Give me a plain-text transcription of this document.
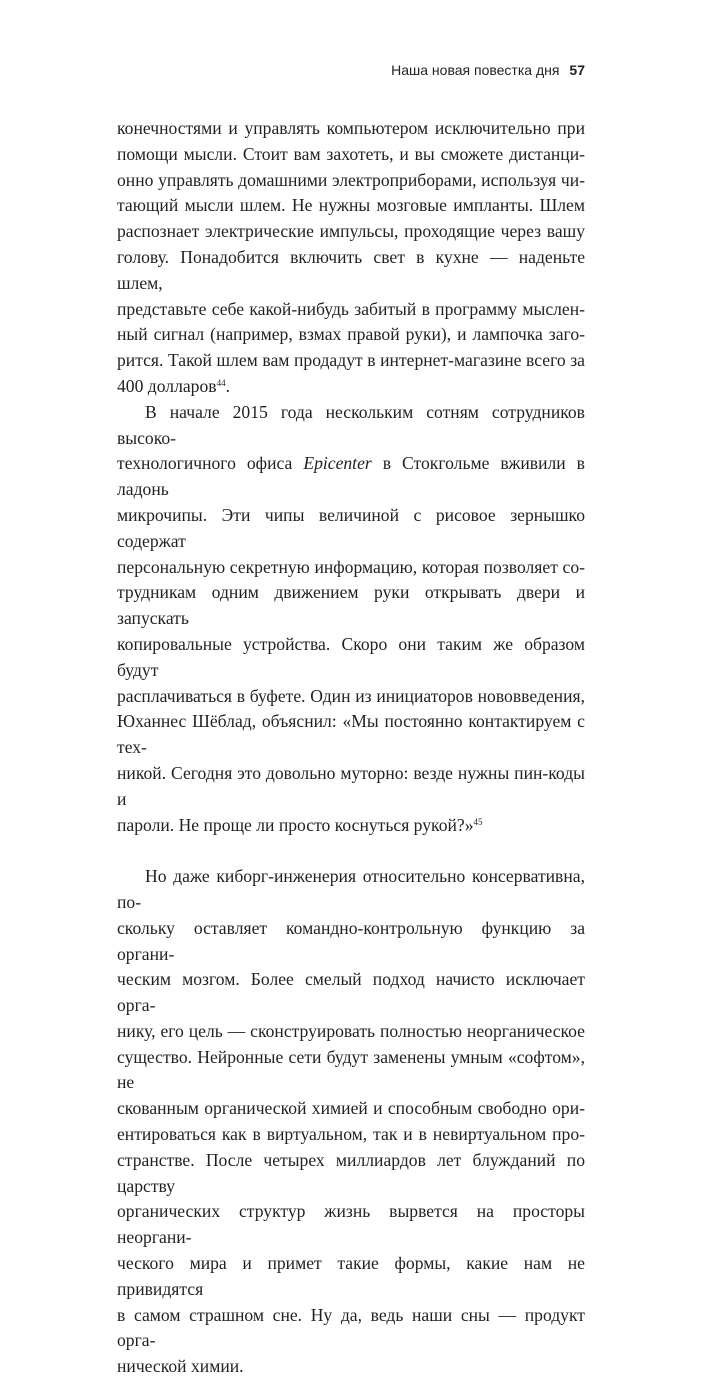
Наша новая повестка дня 57

конечностями и управлять компьютером исключительно при
помощи мысли. Стоит вам захотеть, и вы сможете дистанци-
онно управлять домашними электроприборами, используя чи-
тающий мысли шлем. Не нужны мозговые импланты. Шлем
распознает электрические импульсы, проходящие через вашу
голову. Понадобится включить свет в кухне — наденьте шлем,
представьте себе какой-нибудь забитый в программу мыслен-
ный сигнал (например, взмах правой руки), и лампочка заго-
рится. Такой шлем вам продадут в интернет-магазине всего за
400 долларов$^{44}$.

В начале 2015 года нескольким сотням сотрудников высоко-
технологичного офиса Epicenter в Стокгольме вживили в ладонь
микрочипы. Эти чипы величиной с рисовое зернышко содержат
персональную секретную информацию, которая позволяет со-
трудникам одним движением руки открывать двери и запускать
копировальные устройства. Скоро они таким же образом будут
расплачиваться в буфете. Один из инициаторов нововведения,
Юханнес Шёблад, объяснил: «Мы постоянно контактируем с тех-
никой. Сегодня это довольно муторно: везде нужны пин-коды и
пароли. Не проще ли просто коснуться рукой?»$^{45}$

Но даже киборг-инженерия относительно консервативна, по-
скольку оставляет командно-контрольную функцию за органи-
ческим мозгом. Более смелый подход начисто исключает орга-
нику, его цель — сконструировать полностью неорганическое
существо. Нейронные сети будут заменены умным «софтом», не
скованным органической химией и способным свободно ори-
ентироваться как в виртуальном, так и в невиртуальном про-
странстве. После четырех миллиардов лет блужданий по царству
органических структур жизнь вырвется на просторы неоргани-
ческого мира и примет такие формы, какие нам не привидятся
в самом страшном сне. Ну да, ведь наши сны — продукт орга-
нической химии.
